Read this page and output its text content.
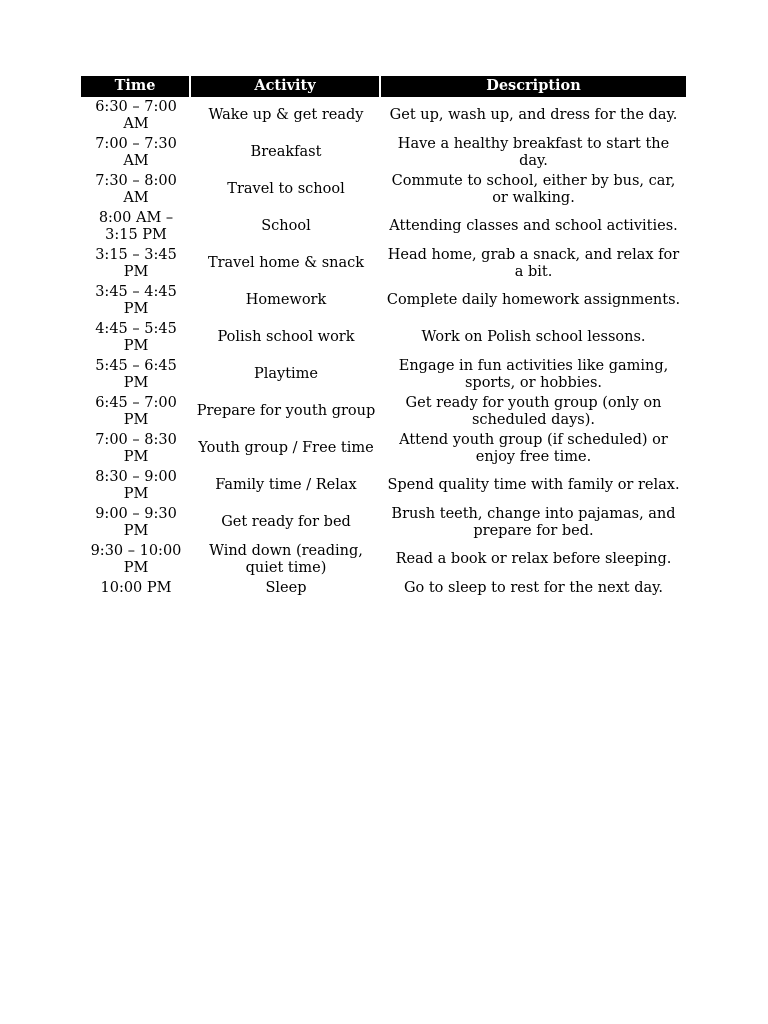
Time	Activity	Description
6:30 – 7:00 AM	Wake up & get ready	Get up, wash up, and dress for the day.
7:00 – 7:30 AM	Breakfast	Have a healthy breakfast to start the day.
7:30 – 8:00 AM	Travel to school	Commute to school, either by bus, car, or walking.
8:00 AM – 3:15 PM	School	Attending classes and school activities.
3:15 – 3:45 PM	Travel home & snack	Head home, grab a snack, and relax for a bit.
3:45 – 4:45 PM	Homework	Complete daily homework assignments.
4:45 – 5:45 PM	Polish school work	Work on Polish school lessons.
5:45 – 6:45 PM	Playtime	Engage in fun activities like gaming, sports, or hobbies.
6:45 – 7:00 PM	Prepare for youth group	Get ready for youth group (only on scheduled days).
7:00 – 8:30 PM	Youth group / Free time	Attend youth group (if scheduled) or enjoy free time.
8:30 – 9:00 PM	Family time / Relax	Spend quality time with family or relax.
9:00 – 9:30 PM	Get ready for bed	Brush teeth, change into pajamas, and prepare for bed.
9:30 – 10:00 PM	Wind down (reading, quiet time)	Read a book or relax before sleeping.
10:00 PM	Sleep	Go to sleep to rest for the next day.
